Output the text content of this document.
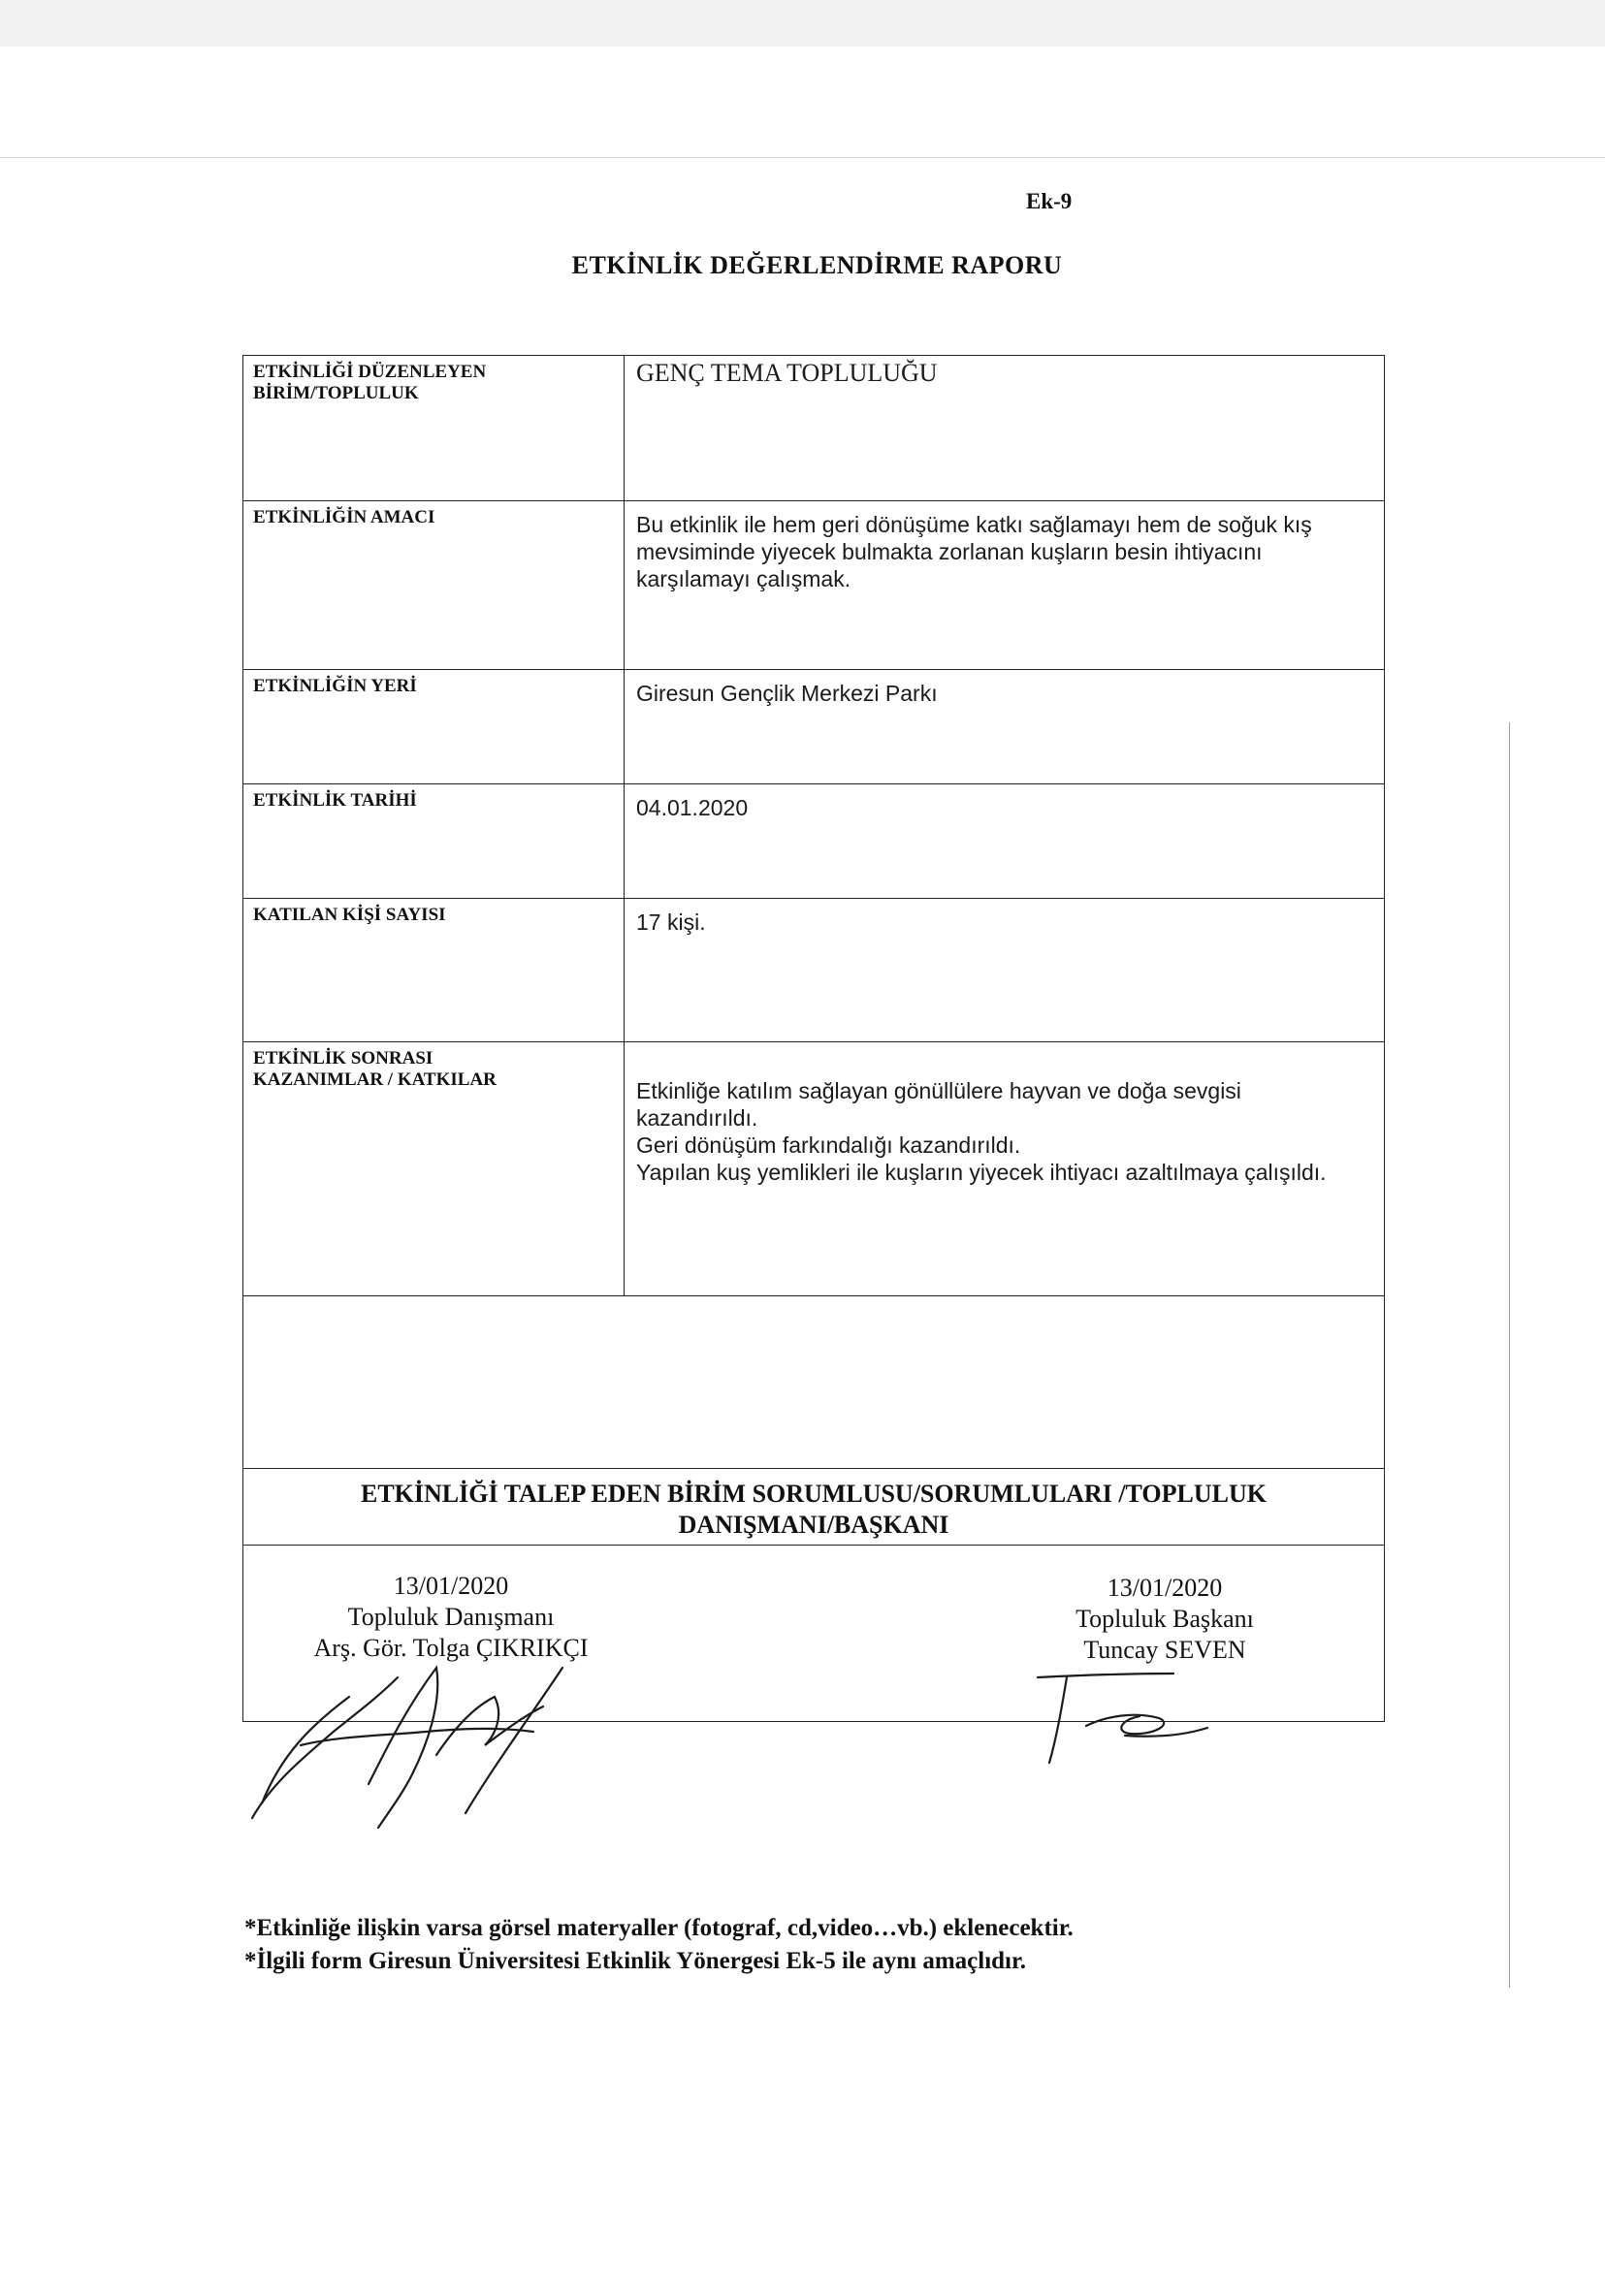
Ek-9
ETKİNLİK DEĞERLENDİRME RAPORU
ETKİNLİĞİ DÜZENLEYEN BİRİM/TOPLULUK	GENÇ TEMA TOPLULUĞU
ETKİNLİĞİN AMACI	Bu etkinlik ile hem geri dönüşüme katkı sağlamayı hem de soğuk kış
mevsiminde yiyecek bulmakta zorlanan kuşların besin ihtiyacını
karşılamayı çalışmak.

ETKİNLİĞİN YERİ	Giresun Gençlik Merkezi Parkı
ETKİNLİK TARİHİ	04.01.2020
KATILAN KİŞİ SAYISI	17 kişi.

ETKİNLİK SONRASI
KAZANIMLAR / KATKILAR	Etkinliğe katılım sağlayan gönüllülere hayvan ve doğa sevgisi
kazandırıldı.
Geri dönüşüm farkındalığı kazandırıldı.
Yapılan kuş yemlikleri ile kuşların yiyecek ihtiyacı azaltılmaya çalışıldı.

ETKİNLİĞİ TALEP EDEN BİRİM SORUMLUSU/SORUMLULARI /TOPLULUK
DANIŞMANI/BAŞKANI	

13/01/2020
Topluluk Danışmanı
Arş. Gör. Tolga ÇIKRIKÇI
13/01/2020
Topluluk Başkanı
Tuncay SEVEN
*Etkinliğe ilişkin varsa görsel materyaller (fotograf, cd,video…vb.) eklenecektir.
*İlgili form Giresun Üniversitesi Etkinlik Yönergesi Ek-5 ile aynı amaçlıdır.
